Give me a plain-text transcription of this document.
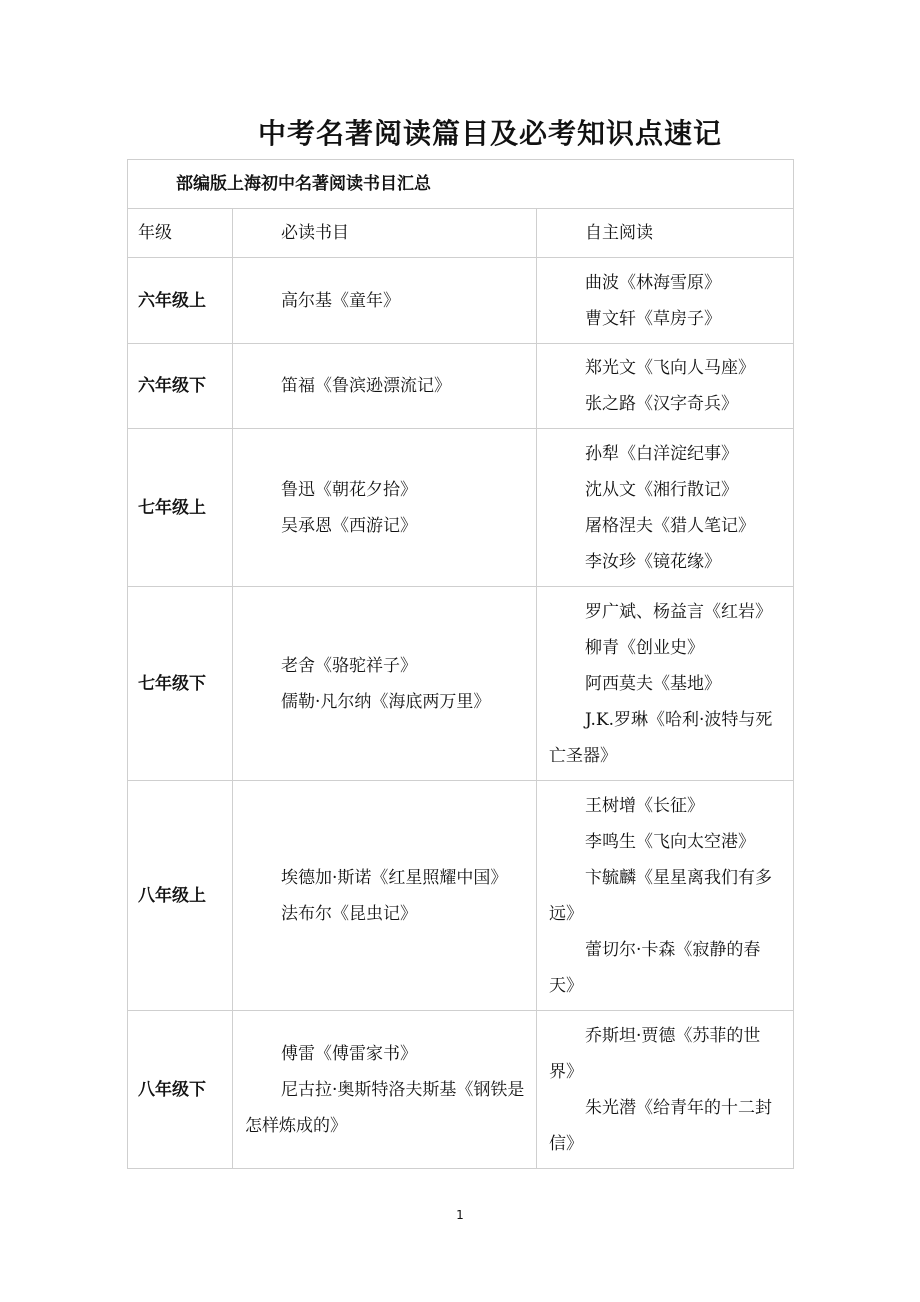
中考名著阅读篇目及必考知识点速记
部编版上海初中名著阅读书目汇总		
年级	必读书目	自主阅读
六年级上	高尔基《童年》	曲波《林海雪原》
曹文轩《草房子》

六年级下	笛福《鲁滨逊漂流记》	郑光文《飞向人马座》
张之路《汉字奇兵》

七年级上	鲁迅《朝花夕拾》
吴承恩《西游记》	孙犁《白洋淀纪事》
沈从文《湘行散记》
屠格涅夫《猎人笔记》
李汝珍《镜花缘》

七年级下	老舍《骆驼祥子》
儒勒·凡尔纳《海底两万里》	罗广斌、杨益言《红岩》
柳青《创业史》
阿西莫夫《基地》
J.K.罗琳《哈利·波特与死亡圣器》

八年级上	埃德加·斯诺《红星照耀中国》
法布尔《昆虫记》	王树增《长征》
李鸣生《飞向太空港》
卞毓麟《星星离我们有多远》
蕾切尔·卡森《寂静的春天》

八年级下	傅雷《傅雷家书》
尼古拉·奥斯特洛夫斯基《钢铁是怎样炼成的》	乔斯坦·贾德《苏菲的世界》
朱光潜《给青年的十二封信》
1
